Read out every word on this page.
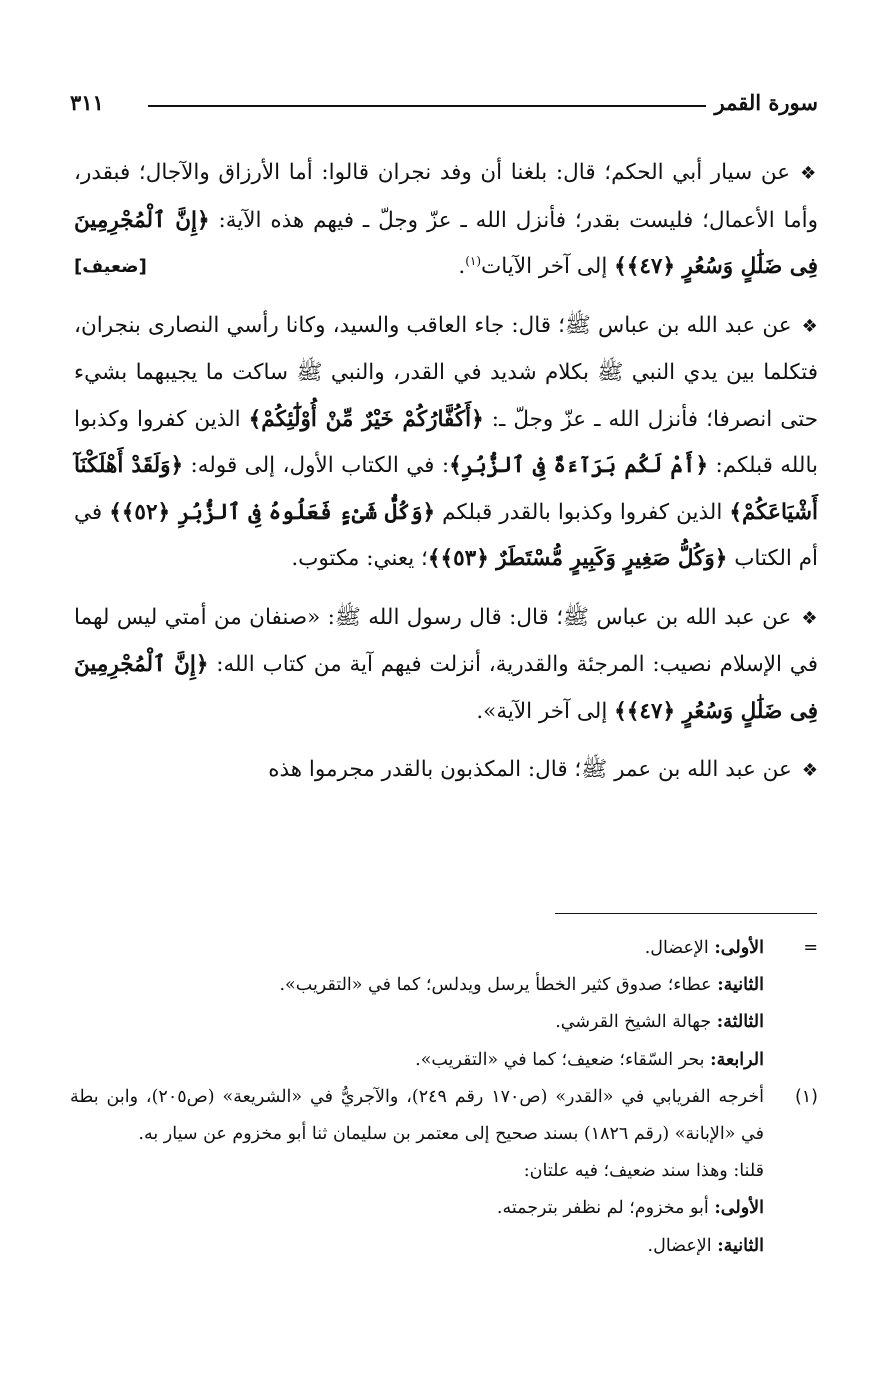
سورة القمر
٣١١

❖عن سيار أبي الحكم؛ قال: بلغنا أن وفد نجران قالوا: أما الأرزاق والآجال؛ فبقدر، وأما الأعمال؛ فليست بقدر؛ فأنزل الله ـ عزّ وجلّ ـ فيهم هذه الآية: ﴿إِنَّ ٱلْمُجْرِمِينَ فِى ضَلَٰلٍ وَسُعُرٍ ﴿٤٧﴾﴾ إلى آخر الآيات$^{(١)}$.
[ضعيف]

❖عن عبد الله بن عباس ﷺ؛ قال: جاء العاقب والسيد، وكانا رأسي النصارى بنجران، فتكلما بين يدي النبي ﷺ بكلام شديد في القدر، والنبي ﷺ ساكت ما يجيبهما بشيء حتى انصرفا؛ فأنزل الله ـ عزّ وجلّ ـ: ﴿أَكُفَّارُكُمْ خَيْرٌ مِّنْ أُوْلَٰٓئِكُمْ﴾ الذين كفروا وكذبوا بالله قبلكم: ﴿أَمْ لَكُم بَرَآءَةٌ فِى ٱلزُّبُرِ﴾: في الكتاب الأول، إلى قوله: ﴿وَلَقَدْ أَهْلَكْنَآ أَشْيَاعَكُمْ﴾ الذين كفروا وكذبوا بالقدر قبلكم ﴿وَكُلُّ شَىْءٍ فَعَلُوهُ فِى ٱلزُّبُرِ ﴿٥٢﴾﴾ في أم الكتاب ﴿وَكُلُّ صَغِيرٍ وَكَبِيرٍ مُّسْتَطَرٌ ﴿٥٣﴾﴾؛ يعني: مكتوب.

❖عن عبد الله بن عباس ﷺ؛ قال: قال رسول الله ﷺ: «صنفان من أمتي ليس لهما في الإسلام نصيب: المرجئة والقدرية، أنزلت فيهم آية من كتاب الله: ﴿إِنَّ ٱلْمُجْرِمِينَ فِى ضَلَٰلٍ وَسُعُرٍ ﴿٤٧﴾﴾ إلى آخر الآية».

❖عن عبد الله بن عمر ﷺ؛ قال: المكذبون بالقدر مجرموا هذه

=
الأولى: الإعضال.
الثانية: عطاء؛ صدوق كثير الخطأ يرسل ويدلس؛ كما في «التقريب».
الثالثة: جهالة الشيخ القرشي.
الرابعة: بحر السّقاء؛ ضعيف؛ كما في «التقريب».
(١)
أخرجه الفريابي في «القدر» (ص١٧٠ رقم ٢٤٩)، والآجريُّ في «الشريعة» (ص٢٠٥)، وابن بطة في «الإبانة» (رقم ١٨٢٦) بسند صحيح إلى معتمر بن سليمان ثنا أبو مخزوم عن سيار به.
قلنا: وهذا سند ضعيف؛ فيه علتان:
الأولى: أبو مخزوم؛ لم نظفر بترجمته.
الثانية: الإعضال.
